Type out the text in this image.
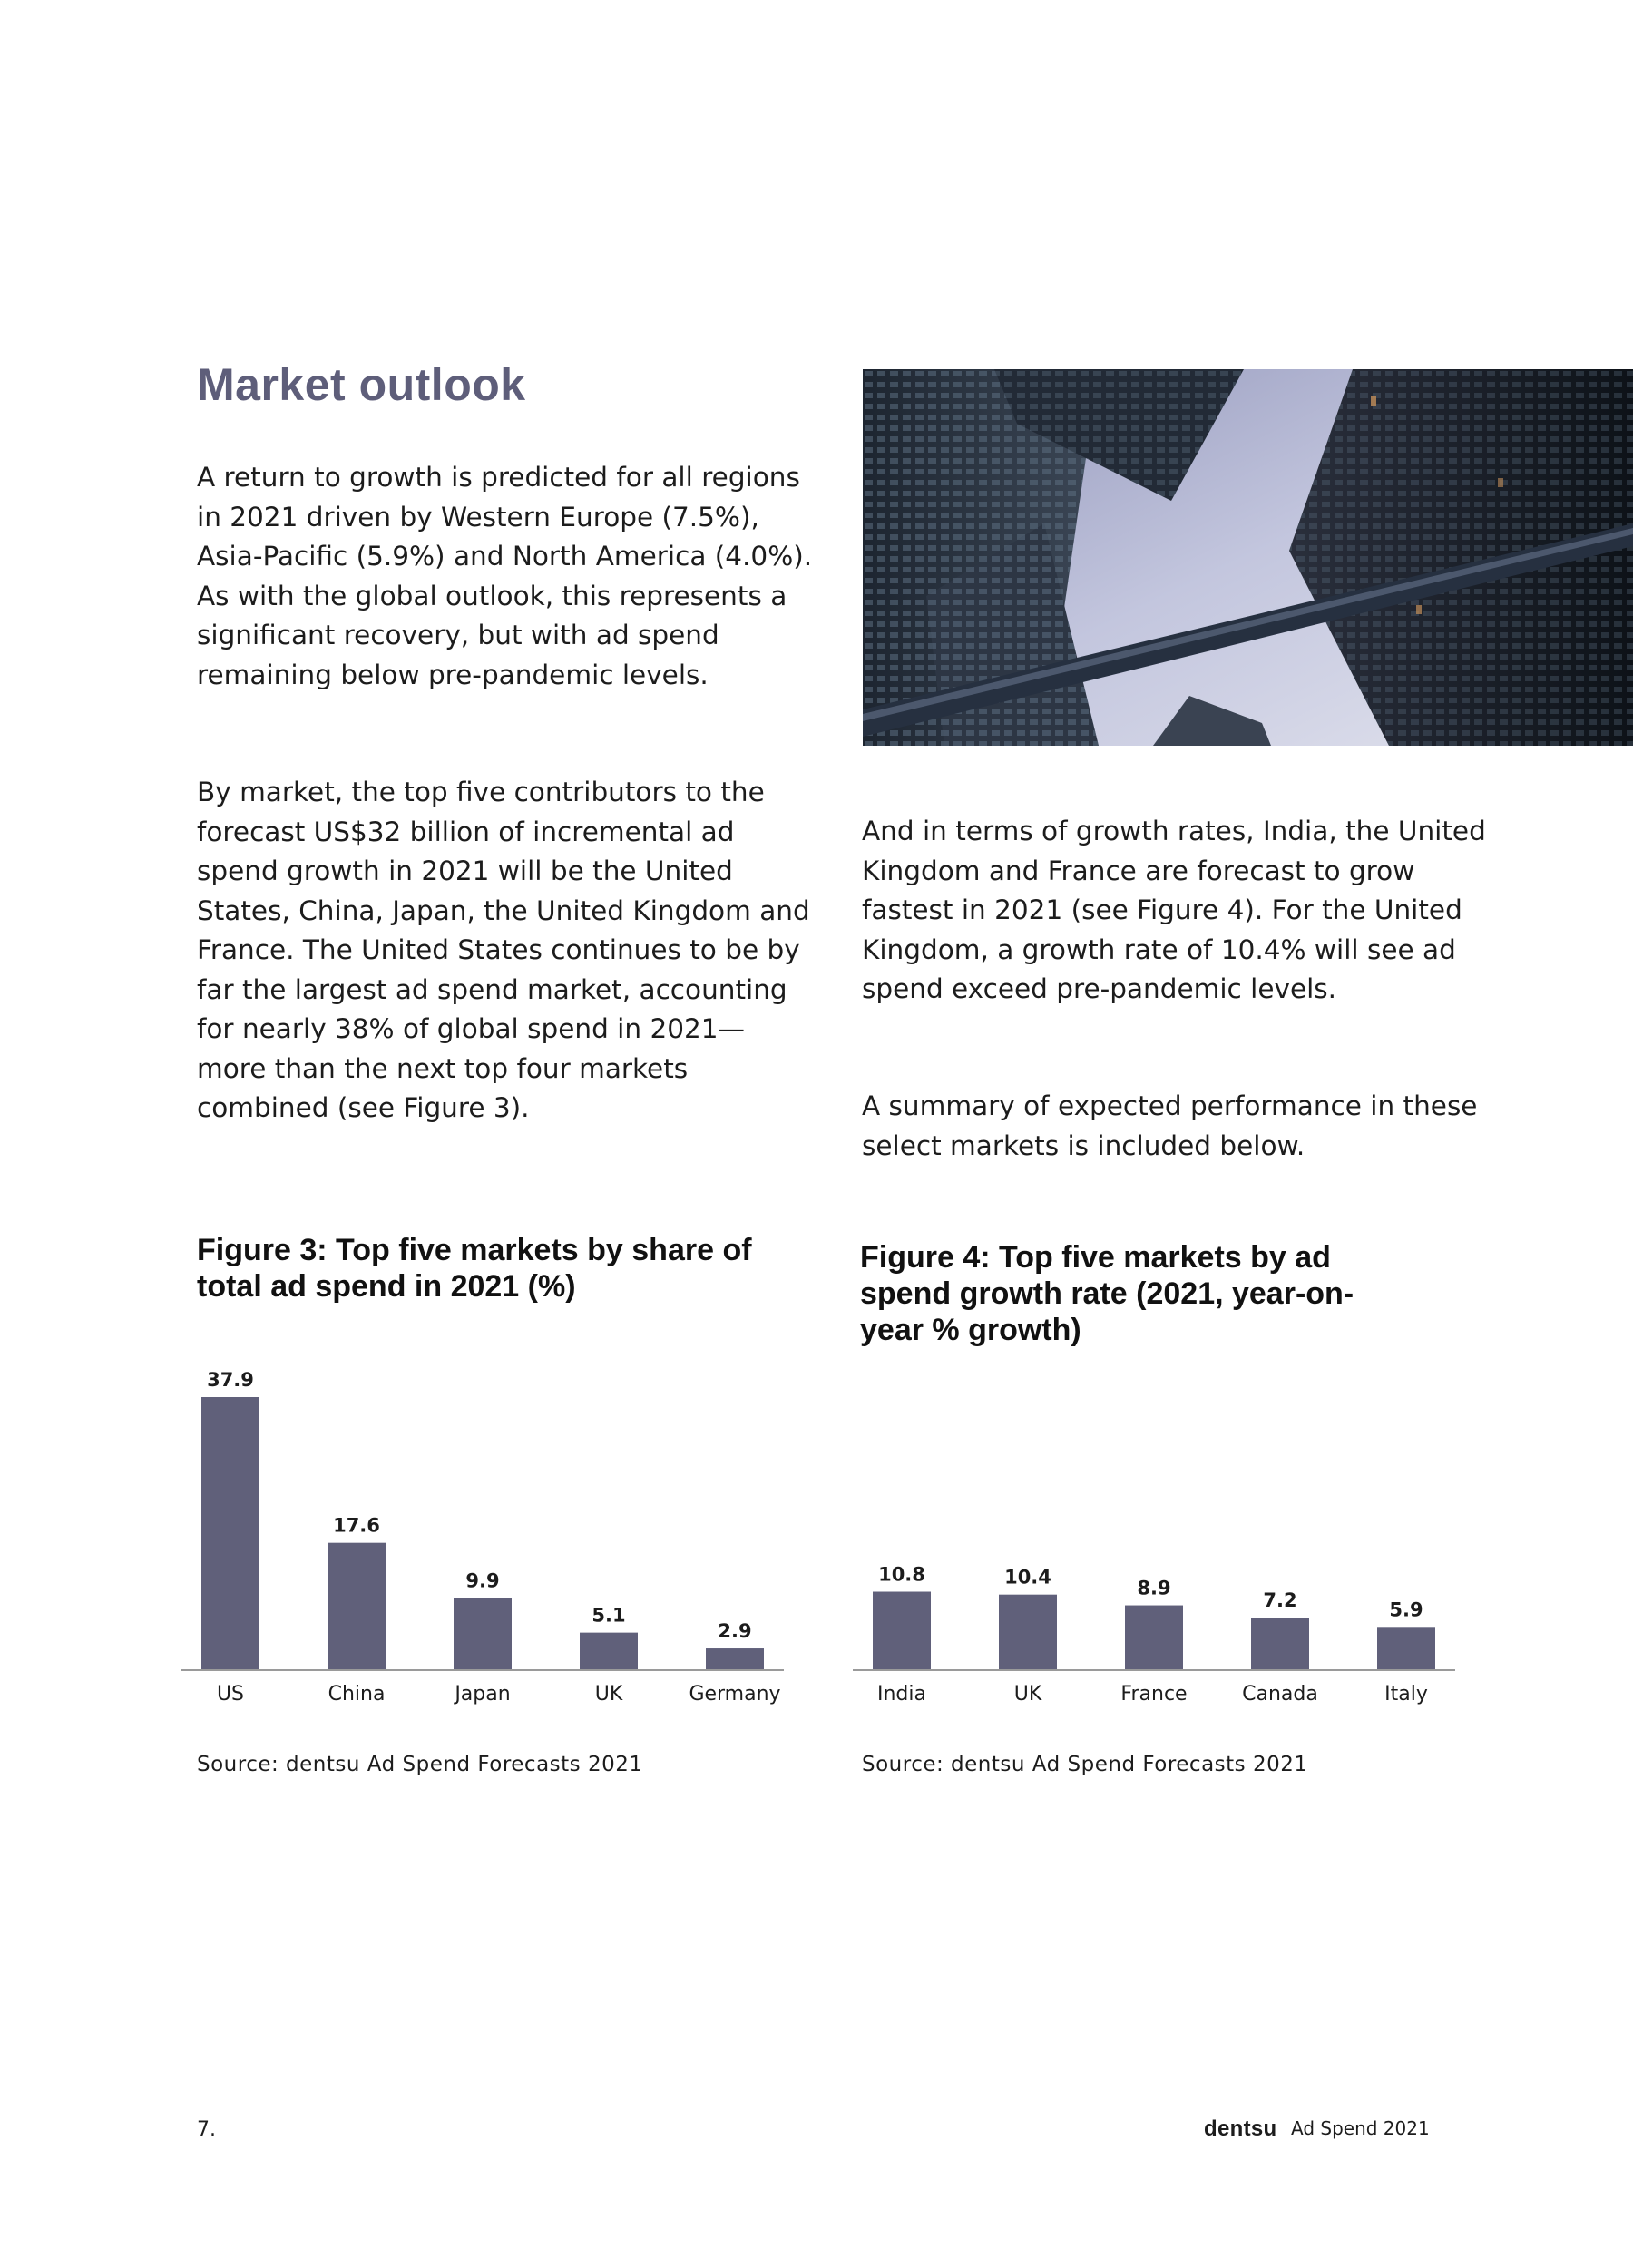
Market outlook

A return to growth is predicted for all regions in 2021 driven by Western Europe (7.5%), Asia-Pacific (5.9%) and North America (4.0%). As with the global outlook, this represents a significant recovery, but with ad spend remaining below pre-pandemic levels.

By market, the top five contributors to the forecast US$32 billion of incremental ad spend growth in 2021 will be the United States, China, Japan, the United Kingdom and France. The United States continues to be by far the largest ad spend market, accounting for nearly 38% of global spend in 2021—more than the next top four markets combined (see Figure 3).

And in terms of growth rates, India, the United Kingdom and France are forecast to grow fastest in 2021 (see Figure 4). For the United Kingdom, a growth rate of 10.4% will see ad spend exceed pre-pandemic levels.

A summary of expected performance in these select markets is included below.

Figure 3: Top five markets by share of total ad spend in 2021 (%)
Figure 4: Top five markets by ad spend growth rate (2021, year-on-year % growth)
37.9
US
17.6
China
9.9
Japan
5.1
UK
2.9
Germany
10.8
India
10.4
UK
8.9
France
7.2
Canada
5.9
Italy
Source: dentsu Ad Spend Forecasts 2021	Source: dentsu Ad Spend Forecasts 2021
7.	dentsu Ad Spend 2021
